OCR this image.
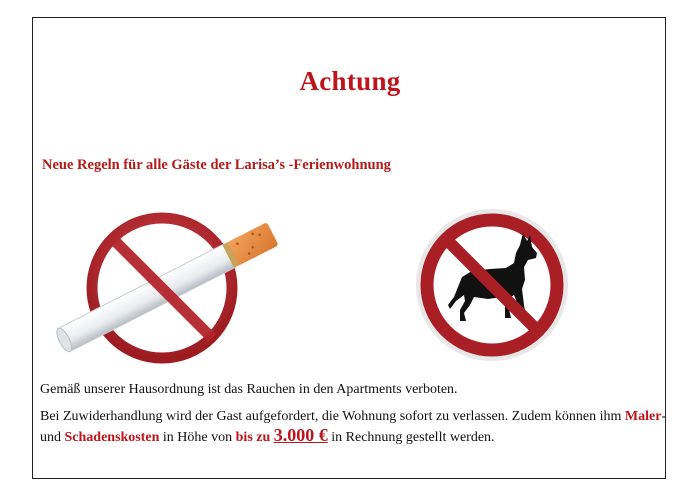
Achtung
Neue Regeln für alle Gäste der Larisa’s -Ferienwohnung
Gemäß unserer Hausordnung ist das Rauchen in den Apartments verboten.
Bei Zuwiderhandlung wird der Gast aufgefordert, die Wohnung sofort zu verlassen. Zudem können ihm Maler- und Schadenskosten in Höhe von bis zu 3.000 € in Rechnung gestellt werden.
